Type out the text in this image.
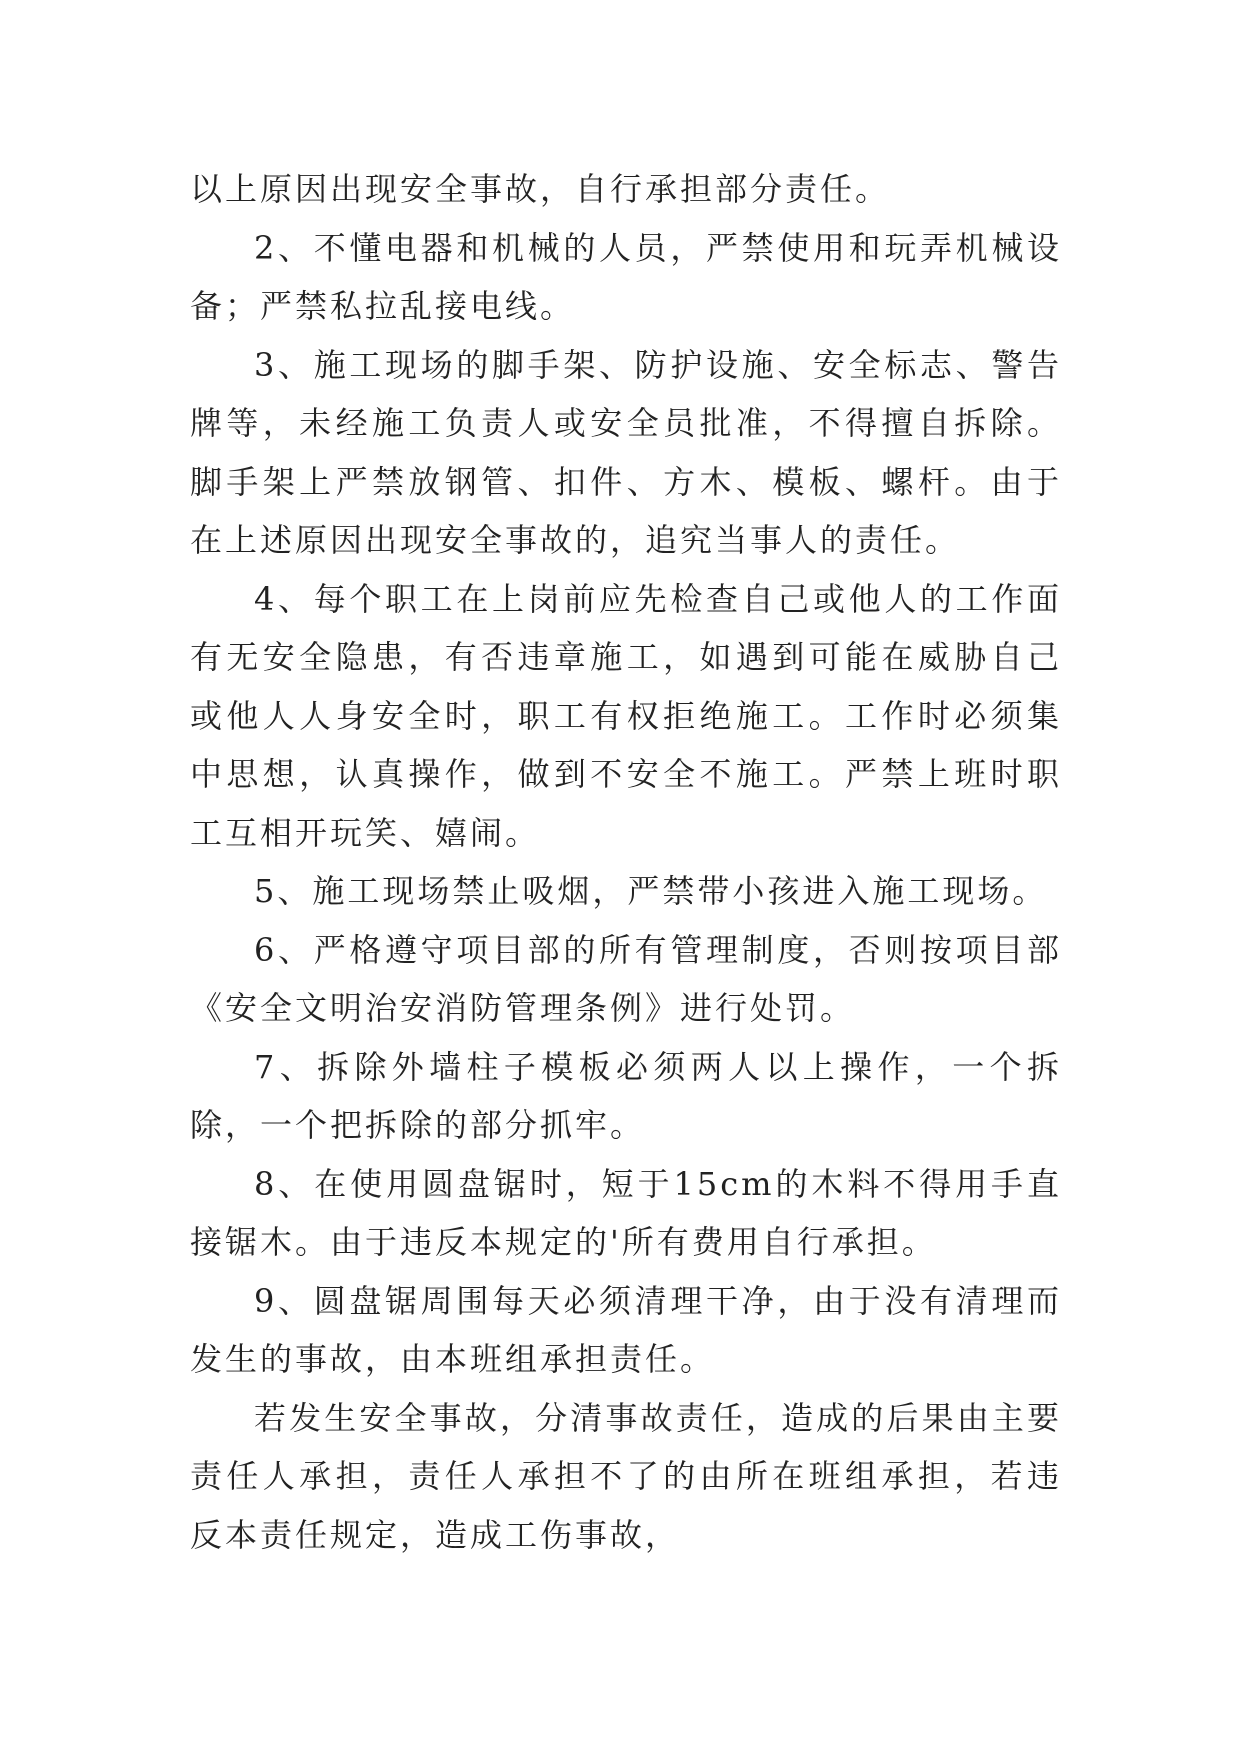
以上原因出现安全事故，自行承担部分责任。

2、不懂电器和机械的人员，严禁使用和玩弄机械设备；严禁私拉乱接电线。

3、施工现场的脚手架、防护设施、安全标志、警告牌等，未经施工负责人或安全员批准，不得擅自拆除。脚手架上严禁放钢管、扣件、方木、模板、螺杆。由于在上述原因出现安全事故的，追究当事人的责任。

4、每个职工在上岗前应先检查自己或他人的工作面有无安全隐患，有否违章施工，如遇到可能在威胁自己或他人人身安全时，职工有权拒绝施工。工作时必须集中思想，认真操作，做到不安全不施工。严禁上班时职工互相开玩笑、嬉闹。

5、施工现场禁止吸烟，严禁带小孩进入施工现场。

6、严格遵守项目部的所有管理制度，否则按项目部《安全文明治安消防管理条例》进行处罚。

7、拆除外墙柱子模板必须两人以上操作，一个拆除，一个把拆除的部分抓牢。

8、在使用圆盘锯时，短于15cm的木料不得用手直接锯木。由于违反本规定的'所有费用自行承担。

9、圆盘锯周围每天必须清理干净，由于没有清理而发生的事故，由本班组承担责任。

若发生安全事故，分清事故责任，造成的后果由主要责任人承担，责任人承担不了的由所在班组承担，若违反本责任规定，造成工伤事故，
